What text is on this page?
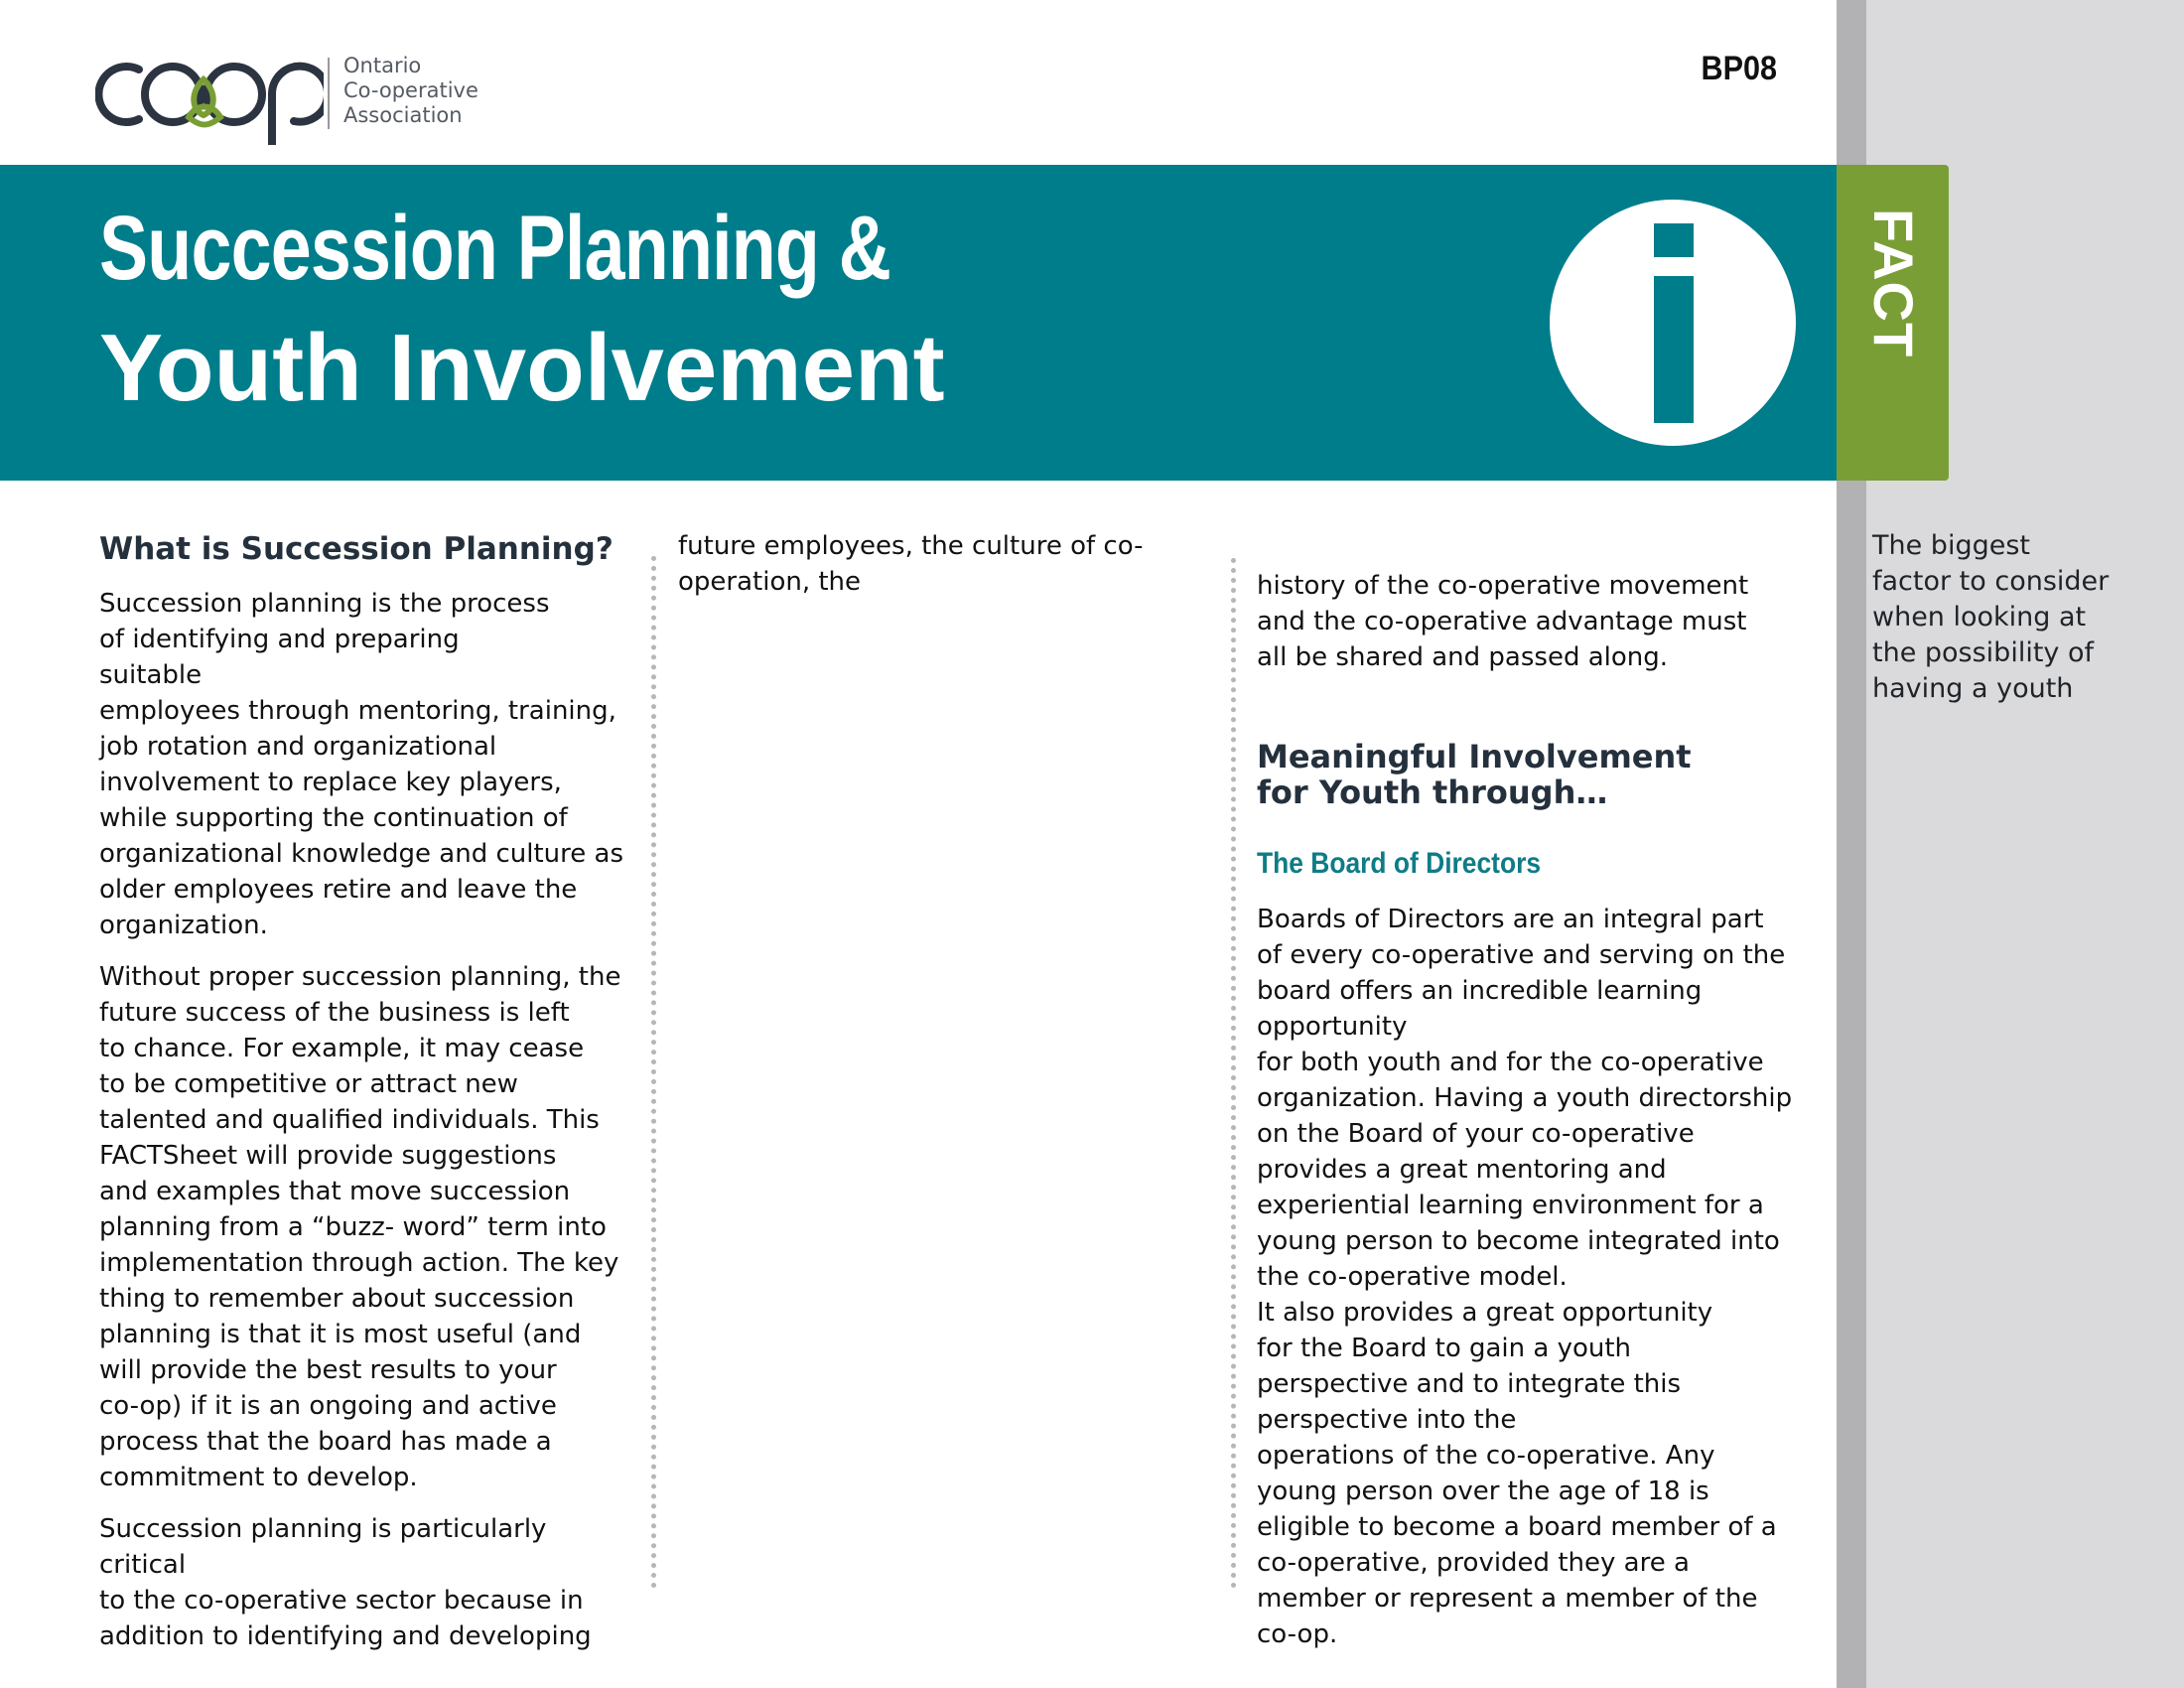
Ontario
Co-operative
Association
BP08
Succession Planning &
Youth Involvement
FACT
What is Succession Planning?

Succession planning is the process
of identifying and preparing
suitable
employees through mentoring, training,
job rotation and organizational
involvement to replace key players,
while supporting the continuation of
organizational knowledge and culture as
older employees retire and leave the
organization.

Without proper succession planning, the
future success of the business is left
to chance. For example, it may cease
to be competitive or attract new
talented and qualified individuals. This
FACTSheet will provide suggestions
and examples that move succession
planning from a “buzz- word” term into
implementation through action. The key
thing to remember about succession
planning is that it is most useful (and
will provide the best results to your
co-op) if it is an ongoing and active
process that the board has made a
commitment to develop.

Succession planning is particularly critical
to the co-operative sector because in
addition to identifying and developing

future employees, the culture of co-
operation, the	history of the co-operative movement
and the co-operative advantage must
all be shared and passed along.

Meaningful Involvement
for Youth through…
The Board of Directors

Boards of Directors are an integral part
of every co-operative and serving on the
board offers an incredible learning
opportunity
for both youth and for the co-operative
organization. Having a youth directorship
on the Board of your co-operative
provides a great mentoring and
experiential learning environment for a
young person to become integrated into
the co-operative model.
It also provides a great opportunity
for the Board to gain a youth
perspective and to integrate this
perspective into the
operations of the co-operative. Any
young person over the age of 18 is
eligible to become a board member of a
co-operative, provided they are a
member or represent a member of the
co-op.

The biggest
factor to consider
when looking at
the possibility of
having a youth
